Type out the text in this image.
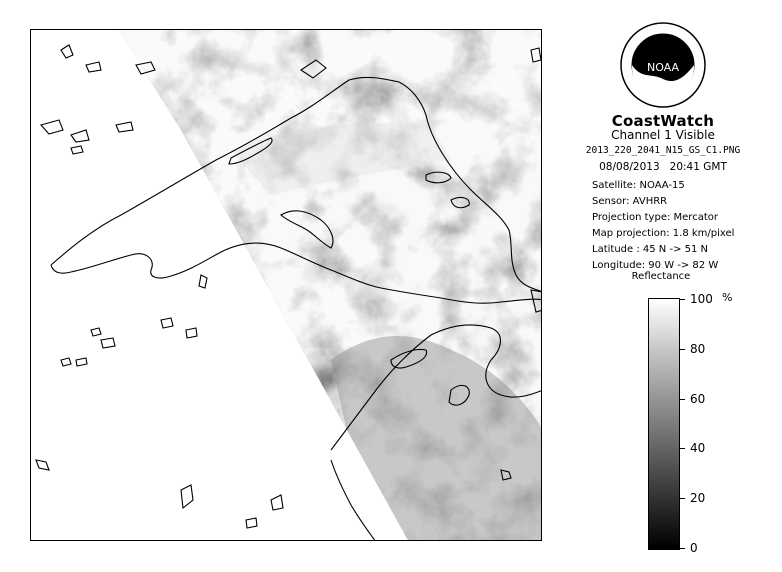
NOAA
CoastWatch
Channel 1 Visible
2013_220_2041_N15_GS_C1.PNG
08/08/2013 20:41 GMT
Satellite: NOAA-15
Sensor: AVHRR
Projection type: Mercator
Map projection: 1.8 km/pixel
Latitude : 45 N -> 51 N
Longitude: 90 W -> 82 W
Reflectance
%
100
80
60
40
20
0
